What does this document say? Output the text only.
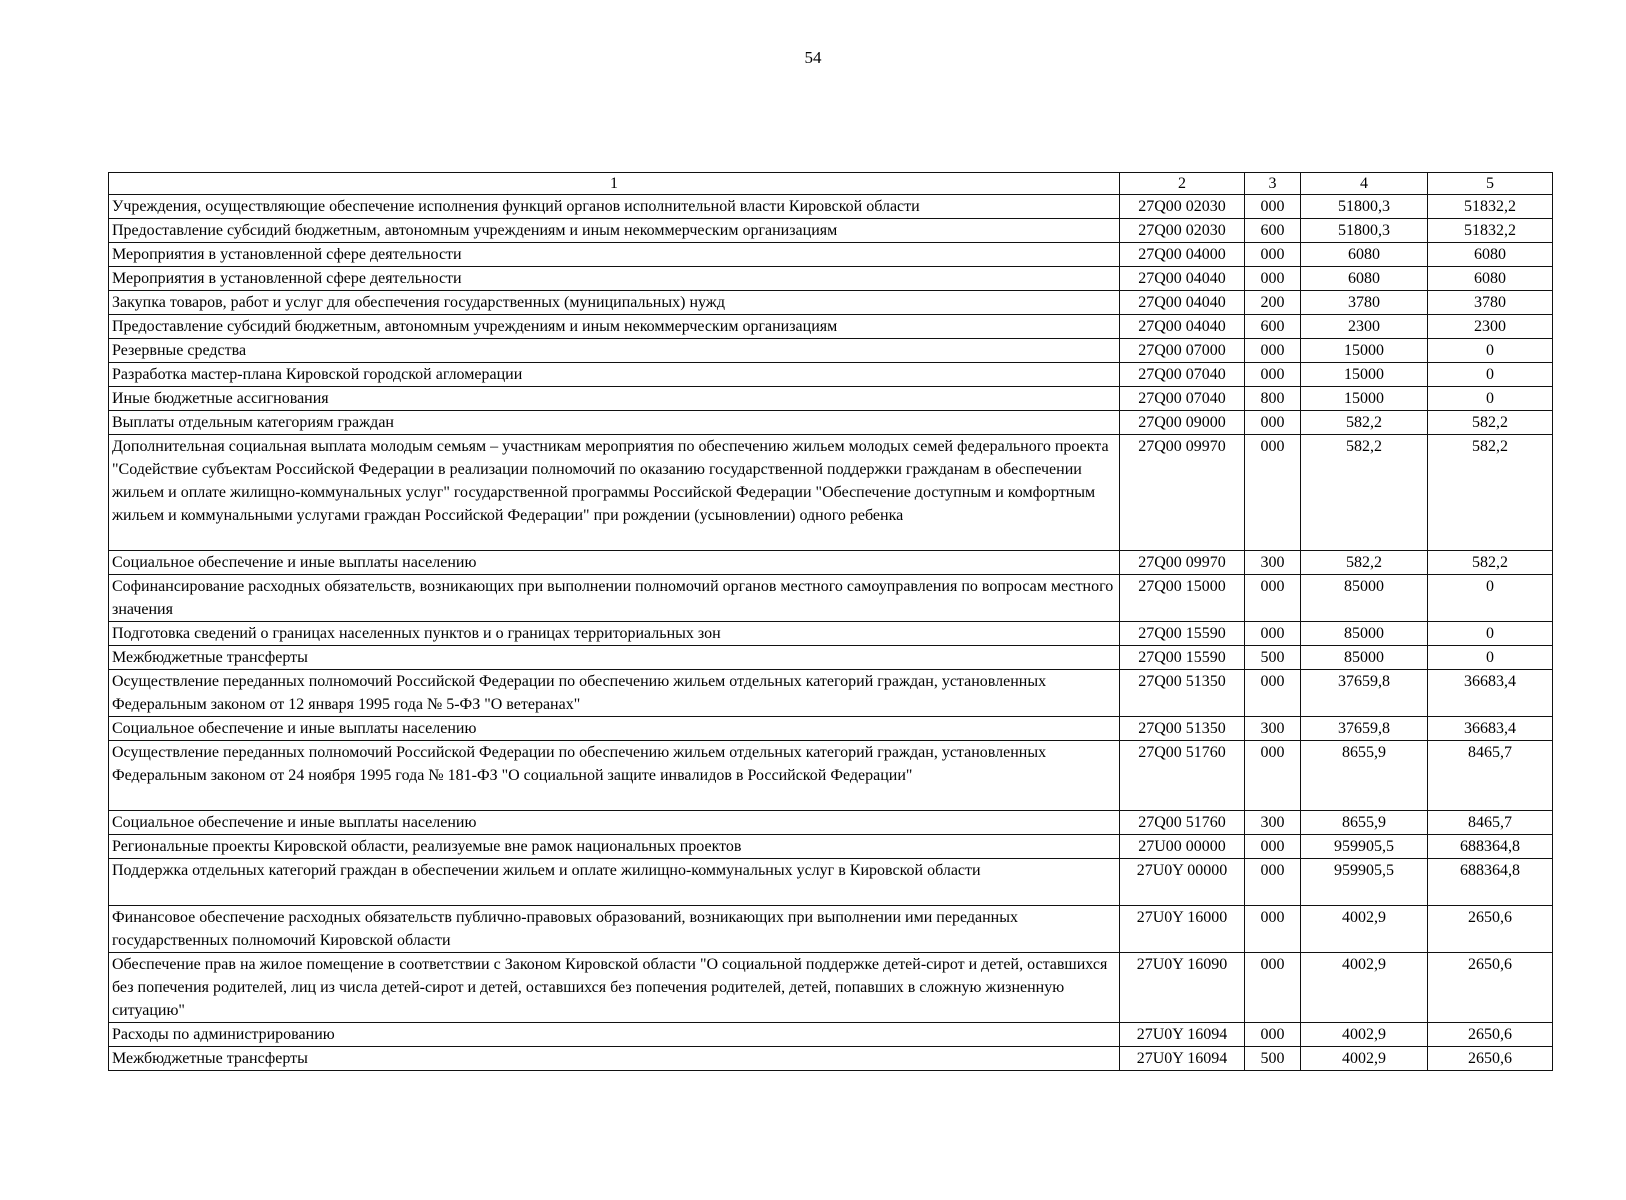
54
1	2	3	4	5
Учреждения, осуществляющие обеспечение исполнения функций органов исполнительной власти Кировской области	27Q00 02030	000	51800,3	51832,2
Предоставление субсидий бюджетным, автономным учреждениям и иным некоммерческим организациям	27Q00 02030	600	51800,3	51832,2
Мероприятия в установленной сфере деятельности	27Q00 04000	000	6080	6080
Мероприятия в установленной сфере деятельности	27Q00 04040	000	6080	6080
Закупка товаров, работ и услуг для обеспечения государственных (муниципальных) нужд	27Q00 04040	200	3780	3780
Предоставление субсидий бюджетным, автономным учреждениям и иным некоммерческим организациям	27Q00 04040	600	2300	2300
Резервные средства	27Q00 07000	000	15000	0
Разработка мастер-плана Кировской городской агломерации	27Q00 07040	000	15000	0
Иные бюджетные ассигнования	27Q00 07040	800	15000	0
Выплаты отдельным категориям граждан	27Q00 09000	000	582,2	582,2
Дополнительная социальная выплата молодым семьям – участникам мероприятия по обеспечению жильем молодых семей федерального проекта "Содействие субъектам Российской Федерации в реализации полномочий по оказанию государственной поддержки гражданам в обеспечении жильем и оплате жилищно-коммунальных услуг" государственной программы Российской Федерации "Обеспечение доступным и комфортным жильем и коммунальными услугами граждан Российской Федерации" при рождении (усыновлении) одного ребенка	27Q00 09970	000	582,2	582,2
Социальное обеспечение и иные выплаты населению	27Q00 09970	300	582,2	582,2
Софинансирование расходных обязательств, возникающих при выполнении полномочий органов местного самоуправления по вопросам местного значения	27Q00 15000	000	85000	0
Подготовка сведений о границах населенных пунктов и о границах территориальных зон	27Q00 15590	000	85000	0
Межбюджетные трансферты	27Q00 15590	500	85000	0
Осуществление переданных полномочий Российской Федерации по обеспечению жильем отдельных категорий граждан, установленных Федеральным законом от 12 января 1995 года № 5-ФЗ "О ветеранах"	27Q00 51350	000	37659,8	36683,4
Социальное обеспечение и иные выплаты населению	27Q00 51350	300	37659,8	36683,4
Осуществление переданных полномочий Российской Федерации по обеспечению жильем отдельных категорий граждан, установленных Федеральным законом от 24 ноября 1995 года № 181-ФЗ "О социальной защите инвалидов в Российской Федерации"	27Q00 51760	000	8655,9	8465,7
Социальное обеспечение и иные выплаты населению	27Q00 51760	300	8655,9	8465,7
Региональные проекты Кировской области, реализуемые вне рамок национальных проектов	27U00 00000	000	959905,5	688364,8
Поддержка отдельных категорий граждан в обеспечении жильем и оплате жилищно-коммунальных услуг в Кировской области	27U0Y 00000	000	959905,5	688364,8
Финансовое обеспечение расходных обязательств публично-правовых образований, возникающих при выполнении ими переданных государственных полномочий Кировской области	27U0Y 16000	000	4002,9	2650,6
Обеспечение прав на жилое помещение в соответствии с Законом Кировской области "О социальной поддержке детей-сирот и детей, оставшихся без попечения родителей, лиц из числа детей-сирот и детей, оставшихся без попечения родителей, детей, попавших в сложную жизненную ситуацию"	27U0Y 16090	000	4002,9	2650,6
Расходы по администрированию	27U0Y 16094	000	4002,9	2650,6
Межбюджетные трансферты	27U0Y 16094	500	4002,9	2650,6
